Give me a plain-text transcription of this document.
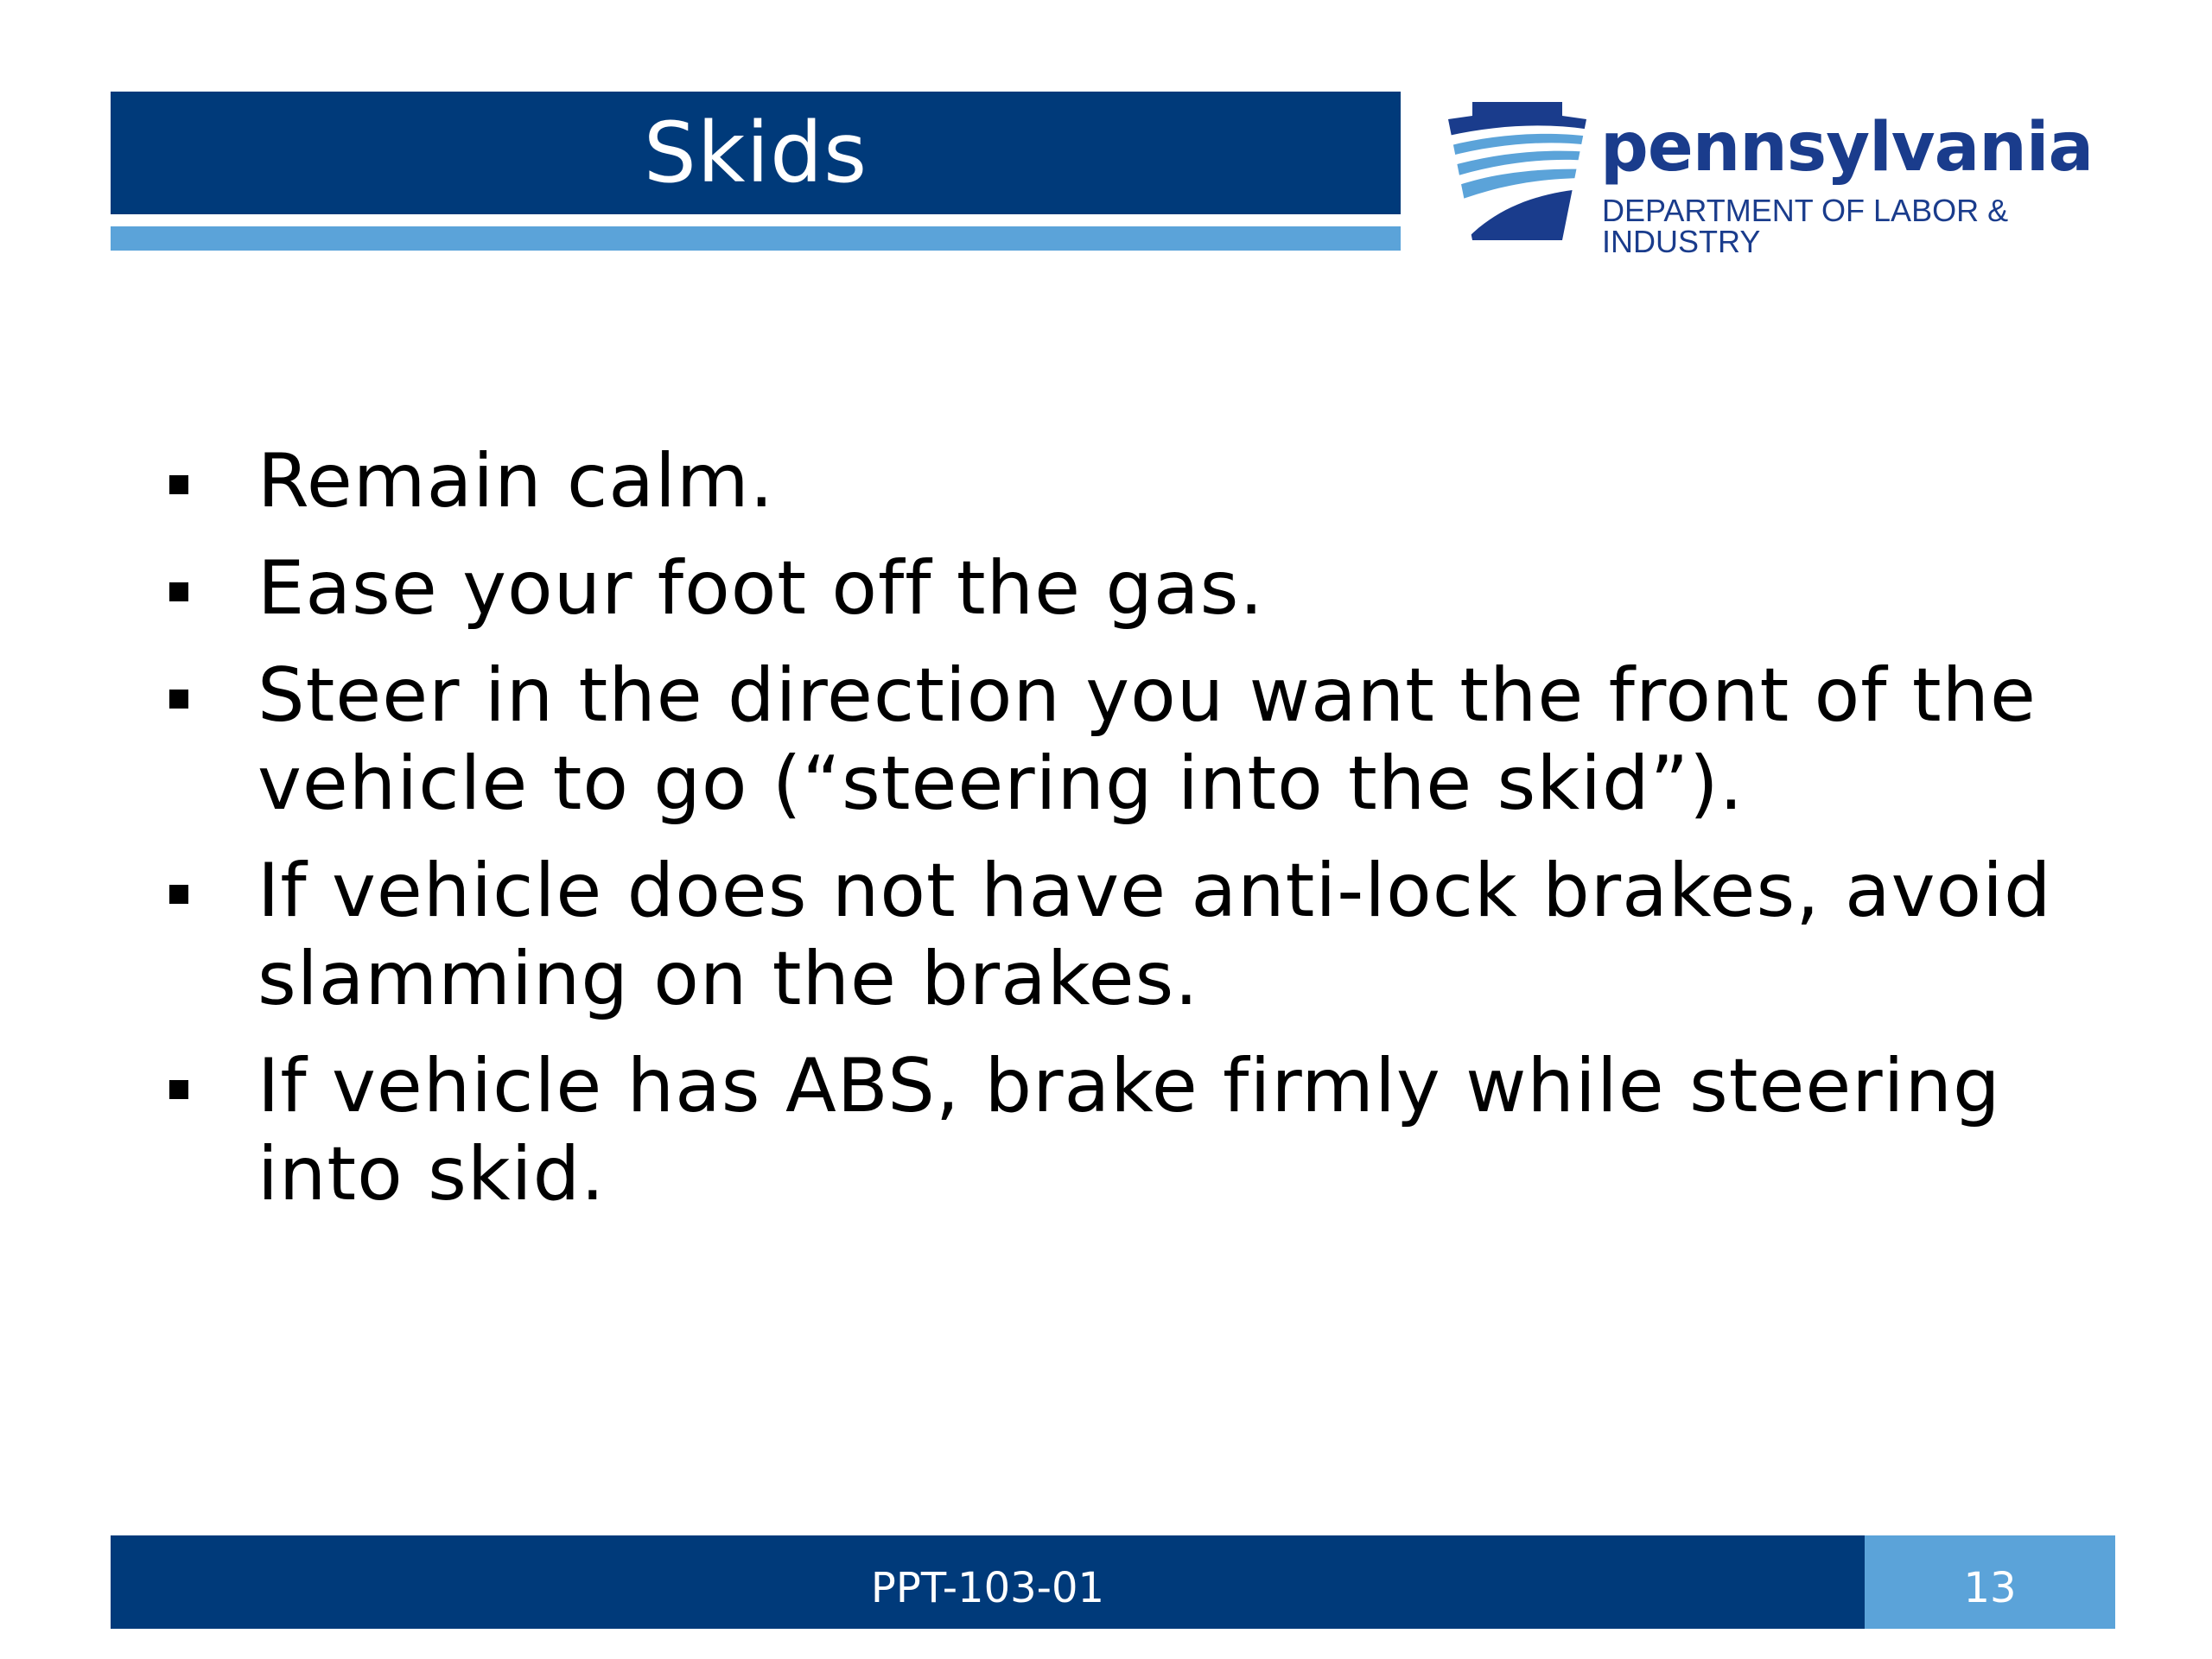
Skids	pennsylvania
DEPARTMENT OF LABOR & INDUSTRY
Remain calm.
Ease your foot off the gas.
Steer in the direction you want the front of the vehicle to go (“steering into the skid”).
If vehicle does not have anti-lock brakes, avoid slamming on the brakes.
If vehicle has ABS, brake firmly while steering into skid.
PPT-103-01	13
